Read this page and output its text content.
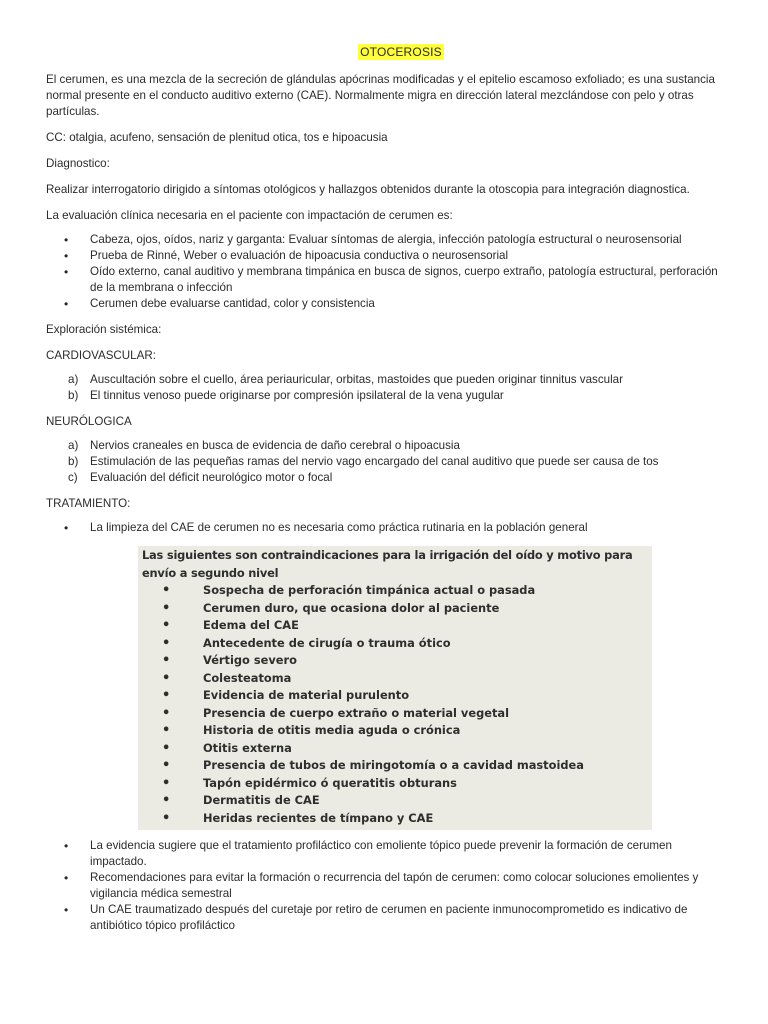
OTOCEROSIS

El cerumen, es una mezcla de la secreción de glándulas apócrinas modificadas y el epitelio escamoso exfoliado; es una sustancia normal presente en el conducto auditivo externo (CAE). Normalmente migra en dirección lateral mezclándose con pelo y otras partículas.

CC: otalgia, acufeno, sensación de plenitud otica, tos e hipoacusia

Diagnostico:

Realizar interrogatorio dirigido a síntomas otológicos y hallazgos obtenidos durante la otoscopia para integración diagnostica.

La evaluación clínica necesaria en el paciente con impactación de cerumen es:

• Cabeza, ojos, oídos, nariz y garganta: Evaluar síntomas de alergia, infección patología estructural o neurosensorial
• Prueba de Rinné, Weber o evaluación de hipoacusia conductiva o neurosensorial
• Oído externo, canal auditivo y membrana timpánica en busca de signos, cuerpo extraño, patología estructural, perforación de la membrana o infección
• Cerumen debe evaluarse cantidad, color y consistencia

Exploración sistémica:

CARDIOVASCULAR:

a) Auscultación sobre el cuello, área periauricular, orbitas, mastoides que pueden originar tinnitus vascular
b) El tinnitus venoso puede originarse por compresión ipsilateral de la vena yugular

NEURÓLOGICA

a) Nervios craneales en busca de evidencia de daño cerebral o hipoacusia
b) Estimulación de las pequeñas ramas del nervio vago encargado del canal auditivo que puede ser causa de tos
c) Evaluación del déficit neurológico motor o focal

TRATAMIENTO:

• La limpieza del CAE de cerumen no es necesaria como práctica rutinaria en la población general
Las siguientes son contraindicaciones para la irrigación del oído y motivo para envío a segundo nivel
•	Sospecha de perforación timpánica actual o pasada
•	Cerumen duro, que ocasiona dolor al paciente
•	Edema del CAE
•	Antecedente de cirugía o trauma ótico
•	Vértigo severo
•	Colesteatoma
•	Evidencia de material purulento
•	Presencia de cuerpo extraño o material vegetal
•	Historia de otitis media aguda o crónica
•	Otitis externa
•	Presencia de tubos de miringotomía o a cavidad mastoidea
•	Tapón epidérmico ó queratitis obturans
•	Dermatitis de CAE
•	Heridas recientes de tímpano y CAE
• La evidencia sugiere que el tratamiento profiláctico con emoliente tópico puede prevenir la formación de cerumen impactado.
• Recomendaciones para evitar la formación o recurrencia del tapón de cerumen: como colocar soluciones emolientes y vigilancia médica semestral
• Un CAE traumatizado después del curetaje por retiro de cerumen en paciente inmunocomprometido es indicativo de antibiótico tópico profiláctico
